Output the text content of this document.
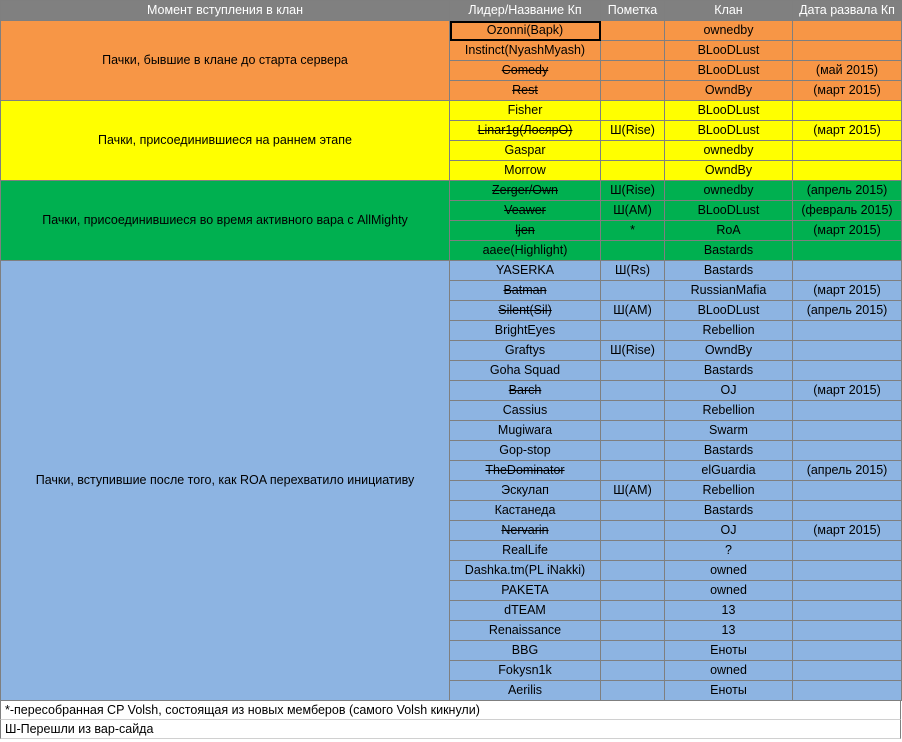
Момент вступления в клан	Лидер/Название Кп	Пометка	Клан	Дата развала Кп
Пачки, бывшие в клане до старта сервера	Ozonni(Вapk)		ownedby	
	Instinct(NyashMyash)		BLooDLust	
	Comedy		BLooDLust	(май 2015)
	Rest		OwndBy	(март 2015)
Пачки, присоединившиеся на раннем этапе	Fisher		BLooDLust	
	Linar1g(ЛосярО)	Ш(Rise)	BLooDLust	(март 2015)
	Gaspar		ownedby	
	Morrow		OwndBy	
Пачки, присоединившиеся во время активного вара с AllMighty	Zerger/Own	Ш(Rise)	ownedby	(апрель 2015)
	Veawer	Ш(АМ)	BLooDLust	(февраль 2015)
	ljen	*	RoA	(март 2015)
	aaee(Highlight)		Bastards	
Пачки, вступившие после того, как ROA перехватило инициативу	YASERKA	Ш(Rs)	Bastards	
	Batman		RussianMafia	(март 2015)
	Silent(Sil)	Ш(АМ)	BLooDLust	(апрель 2015)
	BrightEyes		Rebellion	
	Graftys	Ш(Rise)	OwndBy	
	Goha Squad		Bastards	
	Barch		OJ	(март 2015)
	Cassius		Rebellion	
	Mugiwara		Swarm	
	Gop-stop		Bastards	
	TheDominator		elGuardia	(апрель 2015)
	Эскулап	Ш(АМ)	Rebellion	
	Кастанеда		Bastards	
	Nervarin		OJ	(март 2015)
	RealLife		?	
	Dashka.tm(PL iNakki)		owned	
	PAKETA		owned	
	dTEAM		13	
	Renaissance		13	
	BBG		Еноты	
	Fokysn1k		owned	
	Aerilis		Еноты	
*-пересобранная CP Volsh, состоящая из новых мемберов (самого Volsh кикнули)
Ш-Перешли из вар-сайда
